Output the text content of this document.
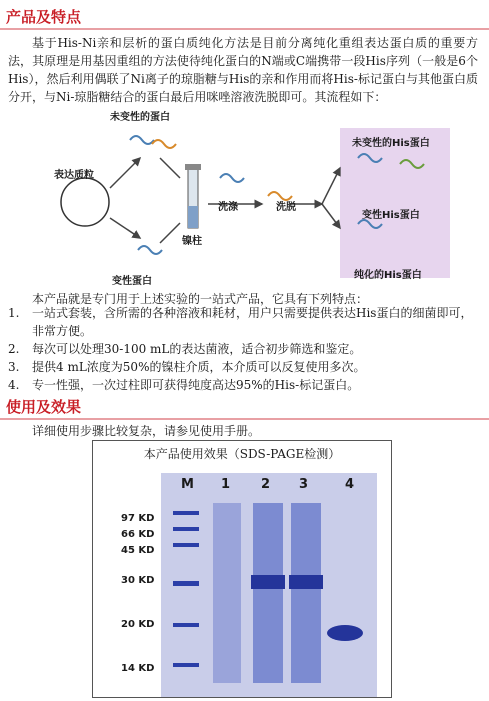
产品及特点

基于His-Ni亲和层析的蛋白质纯化方法是目前分离纯化重组表达蛋白质的重要方法，其原理是用基因重组的方法使待纯化蛋白的N端或C端携带一段His序列（一般是6个His），然后利用偶联了Ni离子的琼脂糖与His的亲和作用而将His-标记蛋白与其他蛋白质分开，与Ni-琼脂糖结合的蛋白最后用咪唑溶液洗脱即可。其流程如下：

未变性的蛋白
表达质粒
变性蛋白
镍柱
洗涤	洗脱
未变性的His蛋白
变性His蛋白
纯化的His蛋白

本产品就是专门用于上述实验的一站式产品，它具有下列特点：

1.	一站式套装，含所需的各种溶液和耗材，用户只需要提供表达His蛋白的细菌即可，非常方便。
2.	每次可以处理30-100 mL的表达菌液，适合初步筛选和鉴定。
3.	提供4 mL浓度为50%的镍柱介质，本介质可以反复使用多次。
4.	专一性强，一次过柱即可获得纯度高达95%的His-标记蛋白。
使用及效果

详细使用步骤比较复杂，请参见使用手册。

本产品使用效果（SDS-PAGE检测）
M 1 2 3	4
97 KD
66 KD
45 KD
30 KD
20 KD
14 KD
